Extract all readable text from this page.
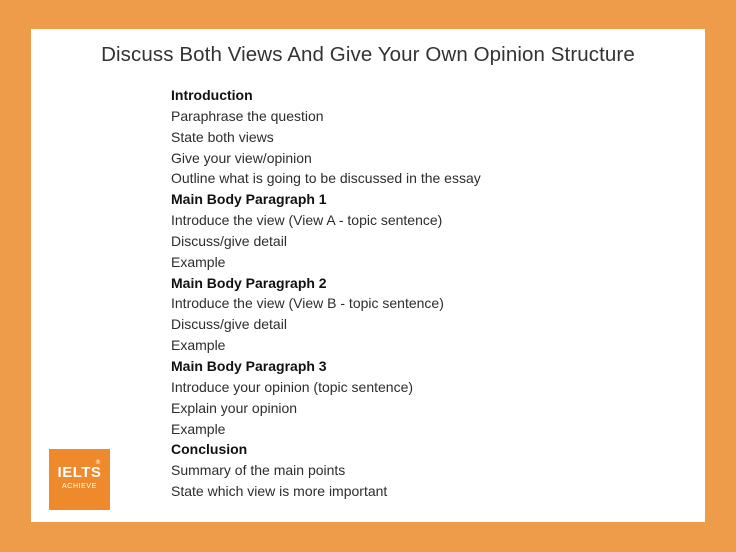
Discuss Both Views And Give Your Own Opinion Structure
Introduction
Paraphrase the question
State both views
Give your view/opinion
Outline what is going to be discussed in the essay
Main Body Paragraph 1
Introduce the view (View A - topic sentence)
Discuss/give detail
Example
Main Body Paragraph 2
Introduce the view (View B - topic sentence)
Discuss/give detail
Example
Main Body Paragraph 3
Introduce your opinion (topic sentence)
Explain your opinion
Example
Conclusion
Summary of the main points
State which view is more important
IELTS
®
ACHIEVE
